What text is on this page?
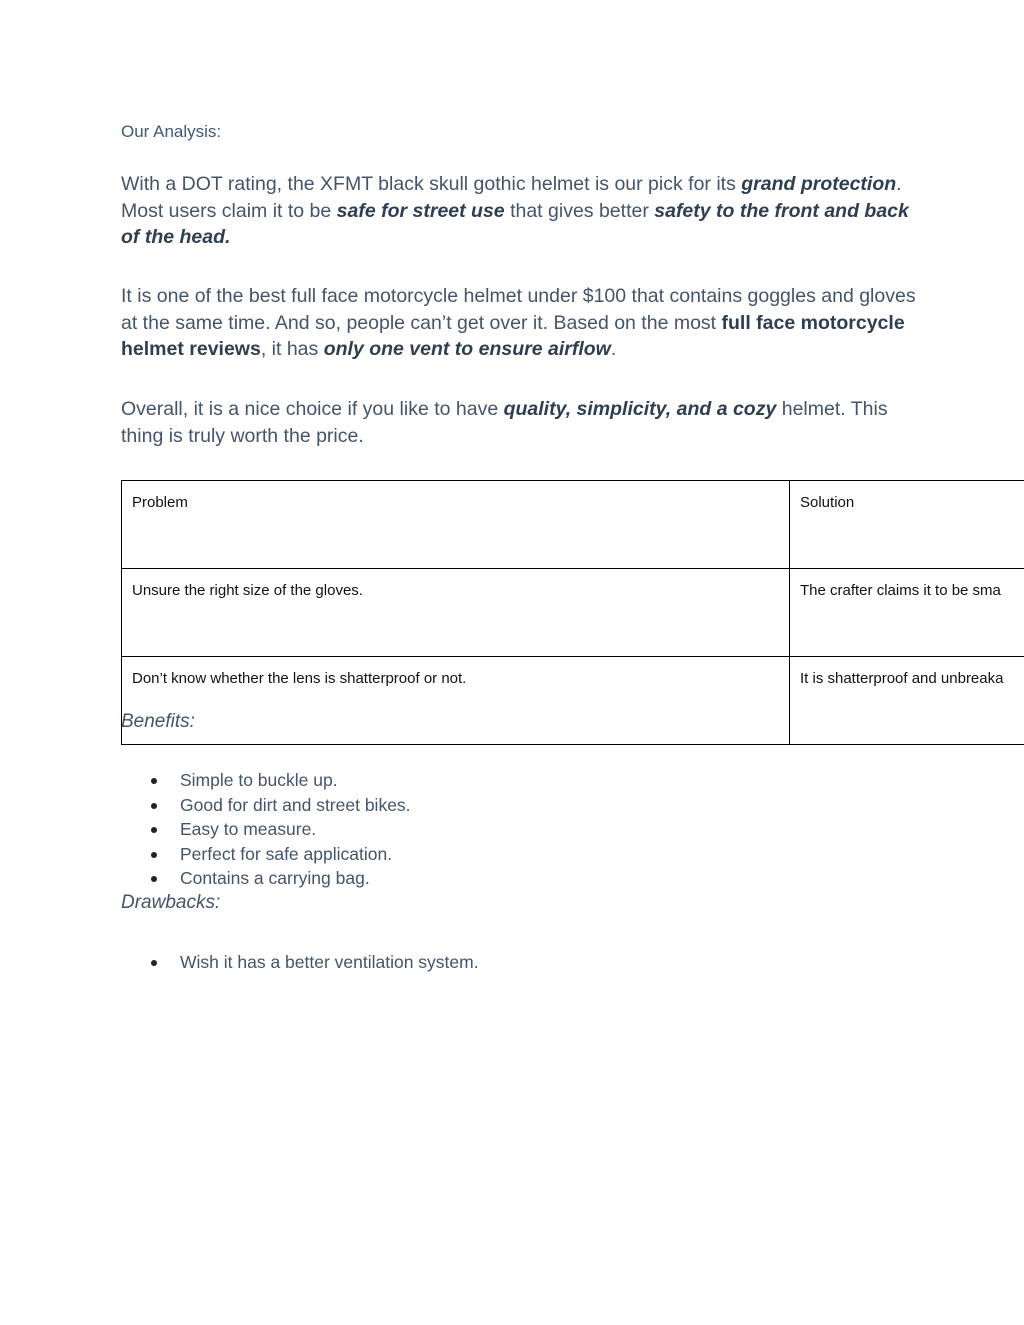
Our Analysis:

With a DOT rating, the XFMT black skull gothic helmet is our pick for its grand protection. Most users claim it to be safe for street use that gives better safety to the front and back of the head.

It is one of the best full face motorcycle helmet under $100 that contains goggles and gloves at the same time. And so, people can’t get over it. Based on the most full face motorcycle helmet reviews, it has only one vent to ensure airflow.

Overall, it is a nice choice if you like to have quality, simplicity, and a cozy helmet. This thing is truly worth the price.

Problem	Solution
Unsure the right size of the gloves.	The crafter claims it to be sma
Don’t know whether the lens is shatterproof or not.	It is shatterproof and unbreaka
Benefits:
Simple to buckle up.
Good for dirt and street bikes.
Easy to measure.
Perfect for safe application.
Contains a carrying bag.
Drawbacks:
Wish it has a better ventilation system.
